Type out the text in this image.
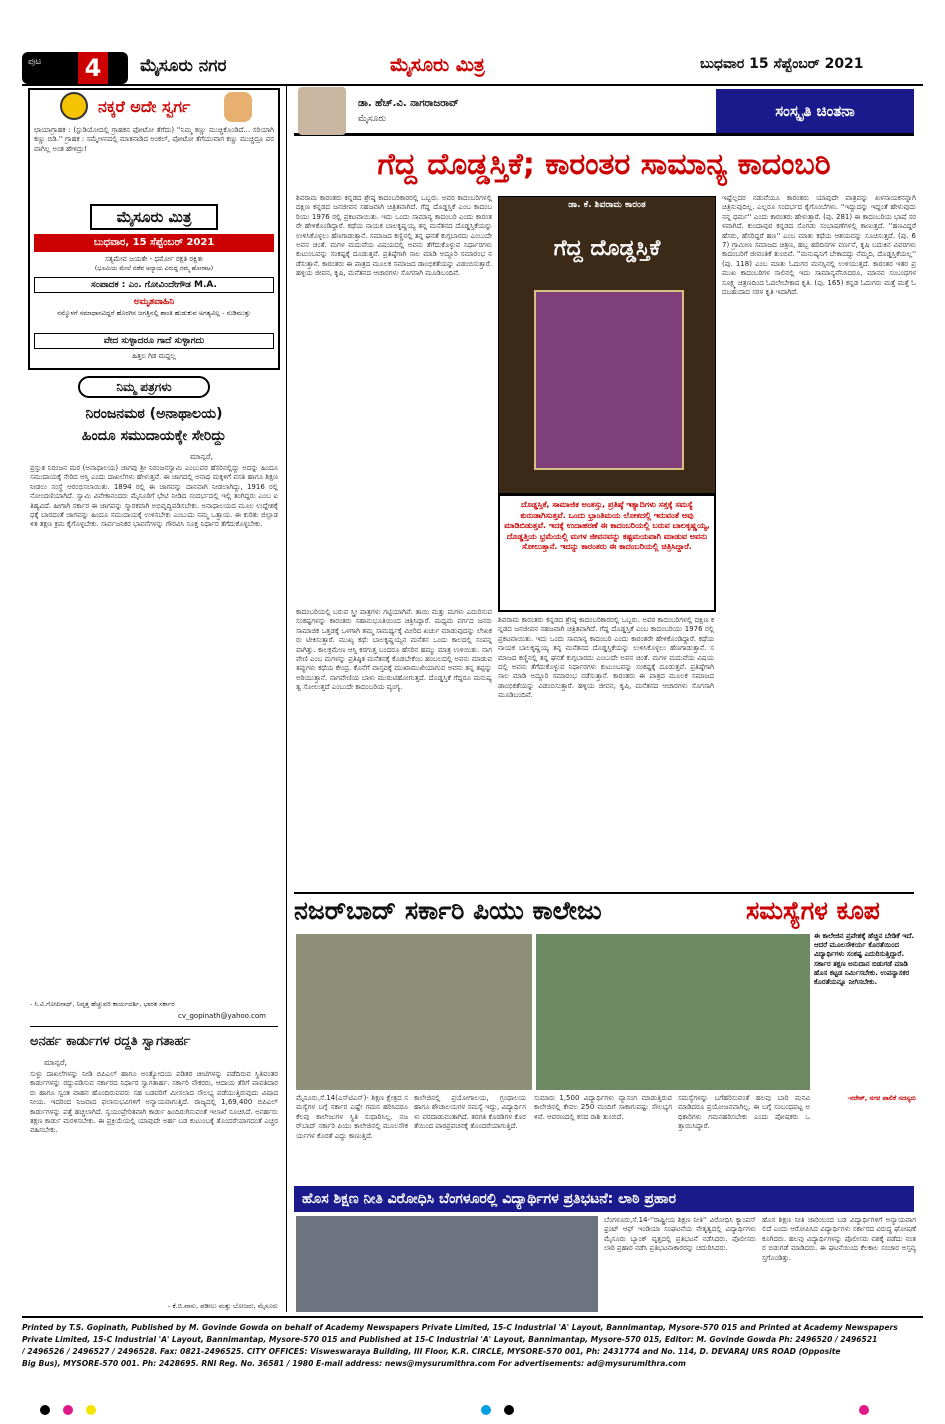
ಪುಟ 4	ಮೈಸೂರು ನಗರ	ಮೈಸೂರು ಮಿತ್ರ	ಬುಧವಾರ 15 ಸೆಪ್ಟೆಂಬರ್ 2021
ನಕ್ಕರೆ ಅದೇ ಸ್ವರ್ಗ
ಛಾಯಾಗ್ರಾಹಕ : (ಸ್ಟುಡಿಯೋದಲ್ಲಿ ಗ್ರಾಹಕನ ಫೋಟೋ ತೆಗೆದು) ''ನಿಮ್ಮ ಕಣ್ಣು ಮುಚ್ಚಿಕೊಂಡಿದೆ... ಸರಿಯಾಗಿ ಕಣ್ಣು ಬಿಡಿ.'' ಗ್ರಾಹಕ : ಸಮ್ಮೇಳನದಲ್ಲಿ ಮಾತನಾಡಿದ ಅಂಕಲ್, ಪೋಟೋ ತೆಗೆಯುವಾಗ ಕಣ್ಣು ಮುಚ್ಚಿದ್ರೂ ಪರವಾಗಿಲ್ಲ ಅಂತ ಹೇಳಿದ್ರು!
ಮೈಸೂರು ಮಿತ್ರ
ಬುಧವಾರ, 15 ಸೆಪ್ಟೆಂಬರ್ 2021
ಸತ್ಯಮೇವ ಜಯತೇ - ಧರ್ಮೋ ರಕ್ಷತಿ ರಕ್ಷಿತಃ
(ಭೂಮಿಯ ಮೇಲೆ ನಡೆವ ಅನ್ಯಾಯ ವಿರುದ್ಧ ನಮ್ಮ ಹೋರಾಟ)
ಸಂಪಾದಕ : ಎಂ. ಗೋವಿಂದೇಗೌಡ M.A.
ಅಮೃತವಾಹಿನಿ
ನಮ್ಮೊಳಗೆ ಸಮಾಧಾನವಿದ್ದರೆ ಹೊರಗಿನ ಜಗತ್ತಿನಲ್ಲಿ ಶಾಂತಿ ಹುಡುಕುವ ಅಗತ್ಯವಿಲ್ಲ - ನುಡಿಮುತ್ತು
ವೇದ ಸುಳ್ಳಾದರೂ ಗಾದೆ ಸುಳ್ಳಾಗದು
ಹಿತ್ತಲ ಗಿಡ ಮದ್ದಲ್ಲ
ನಿಮ್ಮ ಪತ್ರಗಳು
ನಿರಂಜನಮಠ (ಅನಾಥಾಲಯ)
ಹಿಂದೂ ಸಮುದಾಯಕ್ಕೇ ಸೇರಿದ್ದು
ಮಾನ್ಯರೆ,
ಪ್ರಸ್ತುತ ನಿರಂಜನ ಮಠ (ಅನಾಥಾಲಯ) ಜಾಗವು ಶ್ರೀ ನಿರಂಜನಸ್ವಾಮಿ ಎಂಬುವರ ಹೆಸರಿನಲ್ಲಿದ್ದು ಅದನ್ನು ಹಿಂದೂ ಸಮುದಾಯಕ್ಕೆ ಸೇರಿದ ಆಸ್ತಿ ಎಂದು ದಾಖಲೆಗಳು ಹೇಳುತ್ತವೆ. ಈ ಜಾಗದಲ್ಲಿ ಅನಾಥ ಮಕ್ಕಳಿಗೆ ವಸತಿ ಹಾಗೂ ಶಿಕ್ಷಣ ನೀಡಲು ಸಂಸ್ಥೆ ಆರಂಭಿಸಲಾಯಿತು. 1894 ರಲ್ಲಿ ಈ ಜಾಗವನ್ನು ದಾನವಾಗಿ ನೀಡಲಾಗಿದ್ದು, 1916 ರಲ್ಲಿ ನೋಂದಣಿಯಾಗಿದೆ. ಸ್ವಾಮಿ ವಿವೇಕಾನಂದರು ಮೈಸೂರಿಗೆ ಭೇಟಿ ನೀಡಿದ ಸಂದರ್ಭದಲ್ಲಿ ಇಲ್ಲಿ ತಂಗಿದ್ದರು ಎಂಬ ಐತಿಹ್ಯವಿದೆ. ಹೀಗಾಗಿ ಸರ್ಕಾರ ಈ ಜಾಗವನ್ನು ಸ್ಮಾರಕವಾಗಿ ಅಭಿವೃದ್ಧಿಪಡಿಸಬೇಕು. ಅನಾಥಾಲಯದ ಮೂಲ ಉದ್ದೇಶಕ್ಕೆ ಧಕ್ಕೆ ಬಾರದಂತೆ ಜಾಗವನ್ನು ಹಿಂದೂ ಸಮುದಾಯಕ್ಕೆ ಉಳಿಸಬೇಕು ಎಂಬುದು ನಮ್ಮ ಒತ್ತಾಯ. ಈ ಕುರಿತು ಜಿಲ್ಲಾಡಳಿತ ತಕ್ಷಣ ಕ್ರಮ ಕೈಗೊಳ್ಳಬೇಕು. ಸಾರ್ವಜನಿಕರ ಭಾವನೆಗಳನ್ನು ಗೌರವಿಸಿ ಸೂಕ್ತ ನಿರ್ಧಾರ ತೆಗೆದುಕೊಳ್ಳಬೇಕು.
- ಸಿ.ವಿ.ಗೋಪಿನಾಥ್, ನಿವೃತ್ತ ಹೆಚ್ಚುವರಿ ಕಾರ್ಯದರ್ಶಿ, ಭಾರತ ಸರ್ಕಾರ
cv_gopinath@yahoo.com
ಅನರ್ಹ ಕಾರ್ಡುಗಳ ರದ್ದತಿ ಸ್ವಾಗತಾರ್ಹ
ಮಾನ್ಯರೆ,
ಸುಳ್ಳು ದಾಖಲೆಗಳನ್ನು ನೀಡಿ ಬಿಪಿಎಲ್ ಹಾಗೂ ಅಂತ್ಯೋದಯ ಪಡಿತರ ಚೀಟಿಗಳನ್ನು ಪಡೆದಿರುವ ಸ್ಥಿತಿವಂತರ ಕಾರ್ಡುಗಳನ್ನು ರದ್ದುಪಡಿಸುವ ಸರ್ಕಾರದ ನಿರ್ಧಾರ ಸ್ವಾಗತಾರ್ಹ. ಸರ್ಕಾರಿ ನೌಕರರು, ಆದಾಯ ತೆರಿಗೆ ಪಾವತಿದಾರರು ಹಾಗೂ ಸ್ವಂತ ವಾಹನ ಹೊಂದಿರುವವರು ಸಹ ಬಡವರಿಗೆ ಮೀಸಲಾದ ಸೌಲಭ್ಯ ಪಡೆಯುತ್ತಿರುವುದು ವಿಷಾದನೀಯ. ಇದರಿಂದ ನಿಜವಾದ ಫಲಾನುಭವಿಗಳಿಗೆ ಅನ್ಯಾಯವಾಗುತ್ತಿದೆ. ರಾಜ್ಯದಲ್ಲಿ 1,69,400 ಬಿಪಿಎಲ್ ಕಾರ್ಡುಗಳನ್ನು ಪತ್ತೆ ಹಚ್ಚಲಾಗಿದೆ. ಸ್ವಯಂಪ್ರೇರಿತವಾಗಿ ಕಾರ್ಡು ಹಿಂದಿರುಗಿಸುವಂತೆ ಇಲಾಖೆ ಸೂಚಿಸಿದೆ. ಅನರ್ಹರು ತಕ್ಷಣ ಕಾರ್ಡು ಮರಳಿಸಬೇಕು. ಈ ಪ್ರಕ್ರಿಯೆಯಲ್ಲಿ ಯಾವುದೇ ಅರ್ಹ ಬಡ ಕುಟುಂಬಕ್ಕೆ ತೊಂದರೆಯಾಗದಂತೆ ಎಚ್ಚರ ವಹಿಸಬೇಕು.
- ಕೆ.ಬಿ.ವಾಸು, ಪಡೀಲು ಮತ್ತು ಬೋಜರು, ಮೈಸೂರು
ಡಾ. ಹೆಚ್.ವಿ. ನಾಗರಾಜರಾವ್
ಮೈಸೂರು	ಸಂಸ್ಕೃತಿ ಚಿಂತನಾ
ಗೆದ್ದ ದೊಡ್ಡಸ್ತಿಕೆ; ಕಾರಂತರ ಸಾಮಾನ್ಯ ಕಾದಂಬರಿ
ಶಿವರಾಮ ಕಾರಂತರು ಕನ್ನಡದ ಶ್ರೇಷ್ಠ ಕಾದಂಬರಿಕಾರರಲ್ಲಿ ಒಬ್ಬರು. ಅವರ ಕಾದಂಬರಿಗಳಲ್ಲಿ ದಕ್ಷಿಣ ಕನ್ನಡದ ಜನಜೀವನ ಸಹಜವಾಗಿ ಚಿತ್ರಿತವಾಗಿದೆ. ಗೆದ್ದ ದೊಡ್ಡಸ್ತಿಕೆ ಎಂಬ ಕಾದಂಬರಿಯು 1976 ರಲ್ಲಿ ಪ್ರಕಟವಾಯಿತು. ಇದು ಒಂದು ಸಾಮಾನ್ಯ ಕಾದಂಬರಿ ಎಂದು ಕಾರಂತರೇ ಹೇಳಿಕೊಂಡಿದ್ದಾರೆ. ಕಥೆಯ ನಾಯಕ ಬಾಲಕೃಷ್ಣಯ್ಯ ತನ್ನ ಮನೆತನದ ದೊಡ್ಡಸ್ತಿಕೆಯನ್ನು ಉಳಿಸಿಕೊಳ್ಳಲು ಹೆಣಗಾಡುತ್ತಾನೆ. ಸಮಾಜದ ಕಣ್ಣಿನಲ್ಲಿ ತನ್ನ ಘನತೆ ಕುಗ್ಗಬಾರದು ಎಂಬುದೇ ಅವನ ಚಿಂತೆ. ಮಗಳ ಮದುವೆಯ ವಿಷಯದಲ್ಲಿ ಅವನು ತೆಗೆದುಕೊಳ್ಳುವ ನಿರ್ಧಾರಗಳು ಕುಟುಂಬವನ್ನು ಸಂಕಷ್ಟಕ್ಕೆ ದೂಡುತ್ತವೆ. ಪ್ರತಿಷ್ಠೆಗಾಗಿ ಸಾಲ ಮಾಡಿ ಅದ್ದೂರಿ ಸಮಾರಂಭ ನಡೆಸುತ್ತಾನೆ. ಕಾರಂತರು ಈ ಪಾತ್ರದ ಮೂಲಕ ಸಮಾಜದ ಡಾಂಭಿಕತೆಯನ್ನು ವಿಡಂಬಿಸುತ್ತಾರೆ. ಹಳ್ಳಿಯ ಜೀವನ, ಕೃಷಿ, ಮನೆತನದ ಆಚಾರಗಳು ಸೊಗಸಾಗಿ ಮೂಡಿಬಂದಿವೆ.
ಡಾ. ಕೆ. ಶಿವರಾಮ ಕಾರಂತ
ಗೆದ್ದ ದೊಡ್ಡಸ್ತಿಕೆ
ದೊಡ್ಡಸ್ತಿಕೆ, ಸಾಮಾಜಿಕ ಅಂತಸ್ತು, ಪ್ರತಿಷ್ಠೆ ಇತ್ಯಾದಿಗಳು ಸತ್ತಕ್ಕೆ ಸಮಸ್ಯೆ ಕುರುಡಾಗಿಸುತ್ತವೆ. ಒಂದು ಭ್ರಾಂತಿಮಯ ಲೋಕದಲ್ಲಿ ಇರುವಂತೆ ಅವು ಮಾಡಿಬಿಡುತ್ತವೆ. ಇದಕ್ಕೆ ಉದಾಹರಣೆ ಈ ಕಾದಂಬರಿಯಲ್ಲಿ ಬರುವ ಬಾಲಕೃಷ್ಣಯ್ಯ, ದೊಡ್ಡತ್ತಿಯ ಭ್ರಮೆಯಲ್ಲಿ ಮಗಳ ಜೀವನವನ್ನು ಕಷ್ಟಮಯವಾಗಿ ಮಾಡುವ ಅವನು ಸೋಲುತ್ತಾನೆ. ಇದನ್ನು ಕಾರಂತರು ಈ ಕಾದಂಬರಿಯಲ್ಲಿ ಚಿತ್ರಿಸಿದ್ದಾರೆ.
ಕಾದಂಬರಿಯಲ್ಲಿ ಬರುವ ಸ್ತ್ರೀ ಪಾತ್ರಗಳು ಗಟ್ಟಿಯಾಗಿವೆ. ತಾಯಿ ಮತ್ತು ಮಗಳು ಎದುರಿಸುವ ಸಂಕಷ್ಟಗಳನ್ನು ಕಾರಂತರು ಸಹಾನುಭೂತಿಯಿಂದ ಚಿತ್ರಿಸಿದ್ದಾರೆ. ಮಧ್ಯಮ ವರ್ಗದ ಜನರು ಸಾಮಾಜಿಕ ಒತ್ತಡಕ್ಕೆ ಒಳಗಾಗಿ ತಮ್ಮ ಸಾಮರ್ಥ್ಯಕ್ಕೆ ಮೀರಿದ ಖರ್ಚು ಮಾಡುವುದನ್ನು ಲೇಖಕರು ಟೀಕಿಸುತ್ತಾರೆ. ಮುಖ್ಯ ಕಥೆ: ಬಾಲಕೃಷ್ಣಯ್ಯನ ಮನೆತನ ಒಂದು ಕಾಲದಲ್ಲಿ ಸಂಪನ್ನವಾಗಿತ್ತು. ಕಾಲಕ್ರಮೇಣ ಆಸ್ತಿ ಕರಗುತ್ತ ಬಂದರೂ ಹೆಸರಿನ ಹಮ್ಮು ಮಾತ್ರ ಉಳಿಯಿತು. ನಾಗವೇಣಿ ಎಂಬ ಮಗಳನ್ನು ಪ್ರತಿಷ್ಠಿತ ಮನೆತನಕ್ಕೆ ಕೊಡಬೇಕೆಂಬ ಹಂಬಲದಲ್ಲಿ ಅವನು ಮಾಡುವ ತಪ್ಪುಗಳು ಕಥೆಯ ಕೇಂದ್ರ. ಕೊನೆಗೆ ವಾಸ್ತವಕ್ಕೆ ಮುಖಾಮುಖಿಯಾಗುವ ಅವನು ತನ್ನ ತಪ್ಪನ್ನು ಅರಿಯುತ್ತಾನೆ. ನಾಗವೇಣಿಯ ಬಾಳು ಮುರುಟಿಹೋಗುತ್ತದೆ. ದೊಡ್ಡಸ್ತಿಕೆ ಗೆದ್ದರೂ ಮನುಷ್ಯತ್ವ ಸೋಲುತ್ತದೆ ಎಂಬುದೇ ಕಾದಂಬರಿಯ ವ್ಯಂಗ್ಯ.
ಶಿವರಾಮ ಕಾರಂತರು ಕನ್ನಡದ ಶ್ರೇಷ್ಠ ಕಾದಂಬರಿಕಾರರಲ್ಲಿ ಒಬ್ಬರು. ಅವರ ಕಾದಂಬರಿಗಳಲ್ಲಿ ದಕ್ಷಿಣ ಕನ್ನಡದ ಜನಜೀವನ ಸಹಜವಾಗಿ ಚಿತ್ರಿತವಾಗಿದೆ. ಗೆದ್ದ ದೊಡ್ಡಸ್ತಿಕೆ ಎಂಬ ಕಾದಂಬರಿಯು 1976 ರಲ್ಲಿ ಪ್ರಕಟವಾಯಿತು. ಇದು ಒಂದು ಸಾಮಾನ್ಯ ಕಾದಂಬರಿ ಎಂದು ಕಾರಂತರೇ ಹೇಳಿಕೊಂಡಿದ್ದಾರೆ. ಕಥೆಯ ನಾಯಕ ಬಾಲಕೃಷ್ಣಯ್ಯ ತನ್ನ ಮನೆತನದ ದೊಡ್ಡಸ್ತಿಕೆಯನ್ನು ಉಳಿಸಿಕೊಳ್ಳಲು ಹೆಣಗಾಡುತ್ತಾನೆ. ಸಮಾಜದ ಕಣ್ಣಿನಲ್ಲಿ ತನ್ನ ಘನತೆ ಕುಗ್ಗಬಾರದು ಎಂಬುದೇ ಅವನ ಚಿಂತೆ. ಮಗಳ ಮದುವೆಯ ವಿಷಯದಲ್ಲಿ ಅವನು ತೆಗೆದುಕೊಳ್ಳುವ ನಿರ್ಧಾರಗಳು ಕುಟುಂಬವನ್ನು ಸಂಕಷ್ಟಕ್ಕೆ ದೂಡುತ್ತವೆ. ಪ್ರತಿಷ್ಠೆಗಾಗಿ ಸಾಲ ಮಾಡಿ ಅದ್ದೂರಿ ಸಮಾರಂಭ ನಡೆಸುತ್ತಾನೆ. ಕಾರಂತರು ಈ ಪಾತ್ರದ ಮೂಲಕ ಸಮಾಜದ ಡಾಂಭಿಕತೆಯನ್ನು ವಿಡಂಬಿಸುತ್ತಾರೆ. ಹಳ್ಳಿಯ ಜೀವನ, ಕೃಷಿ, ಮನೆತನದ ಆಚಾರಗಳು ಸೊಗಸಾಗಿ ಮೂಡಿಬಂದಿವೆ.
ಇಷ್ಟೆಲ್ಲದರ ನಡುವೆಯೂ ಕಾರಂತರು ಯಾವುದೇ ಪಾತ್ರವನ್ನು ಖಳನಾಯಕನನ್ನಾಗಿ ಚಿತ್ರಿಸುವುದಿಲ್ಲ. ಎಲ್ಲರೂ ಸಂದರ್ಭದ ಕೈಗೊಂಬೆಗಳು. ''ಇದ್ದುದನ್ನು ಇದ್ದಂತೆ ಹೇಳುವುದು ನನ್ನ ಧರ್ಮ'' ಎಂದು ಕಾರಂತರು ಹೇಳುತ್ತಾರೆ. (ಪು. 281) ಈ ಕಾದಂಬರಿಯ ಭಾಷೆ ಸರಳವಾಗಿದೆ. ಕುಂದಾಪುರ ಕನ್ನಡದ ಸೊಗಡು ಸಂಭಾಷಣೆಗಳಲ್ಲಿ ಕಾಣುತ್ತದೆ. ''ಹಣವಿದ್ದರೆ ಹೆಸರು, ಹೆಸರಿದ್ದರೆ ಹಣ'' ಎಂಬ ಮಾತು ಕಥೆಯ ಆಶಯವನ್ನು ಸೂಚಿಸುತ್ತದೆ. (ಪು. 67) ಗ್ರಾಮೀಣ ಸಮಾಜದ ಚಿತ್ರಣ, ಹಬ್ಬ ಹರಿದಿನಗಳ ವರ್ಣನೆ, ಕೃಷಿ ಬದುಕಿನ ವಿವರಗಳು ಕಾದಂಬರಿಗೆ ಜೀವಂತಿಕೆ ತುಂಬಿವೆ. ''ಮನುಷ್ಯನಿಗೆ ಬೇಕಾದದ್ದು ನೆಮ್ಮದಿ, ದೊಡ್ಡಸ್ತಿಕೆಯಲ್ಲ'' (ಪು. 118) ಎಂಬ ಮಾತು ಓದುಗರ ಮನಸ್ಸಿನಲ್ಲಿ ಉಳಿಯುತ್ತದೆ. ಕಾರಂತರ ಇತರ ಪ್ರಮುಖ ಕಾದಂಬರಿಗಳ ಸಾಲಿನಲ್ಲಿ ಇದು ಸಾಮಾನ್ಯವೆನಿಸಿದರೂ, ಮಾನವ ಸಂಬಂಧಗಳ ಸೂಕ್ಷ್ಮ ಚಿತ್ರಣದಿಂದ ಓದಲೇಬೇಕಾದ ಕೃತಿ. (ಪು. 165) ಕನ್ನಡ ಓದುಗರು ಮತ್ತೆ ಮತ್ತೆ ಓದಬಹುದಾದ ಸರಳ ಕೃತಿ ಇದಾಗಿದೆ.
ನಜರ್‌ಬಾದ್ ಸರ್ಕಾರಿ ಪಿಯು ಕಾಲೇಜು	ಸಮಸ್ಯೆಗಳ ಕೂಪ
ಈ ಕಾಲೇಜಿನ ಪ್ರವೇಶಕ್ಕೆ ಹೆಚ್ಚಿನ ಬೇಡಿಕೆ ಇದೆ. ಆದರೆ ಮೂಲಸೌಕರ್ಯ ಕೊರತೆಯಿಂದ ವಿದ್ಯಾರ್ಥಿಗಳು ಸಂಕಷ್ಟ ಎದುರಿಸುತ್ತಿದ್ದಾರೆ. ಸರ್ಕಾರ ತಕ್ಷಣ ಅನುದಾನ ಬಿಡುಗಡೆ ಮಾಡಿ ಹೊಸ ಕಟ್ಟಡ ನಿರ್ಮಿಸಬೇಕು. ಉಪನ್ಯಾಸಕರ ಕೊರತೆಯನ್ನೂ ನೀಗಿಸಬೇಕು.
-ನರೇಶ್, ನಗರ ಪಾಲಿಕೆ ಸದಸ್ಯರು
ಮೈಸೂರು,ಸೆ.14(ಎಸ್‌ಟಿಎನ್)- ಶಿಕ್ಷಣ ಕ್ಷೇತ್ರದ ಸಮಸ್ಯೆಗಳ ಬಗ್ಗೆ ಸರ್ಕಾರ ಎಷ್ಟೇ ಗಮನ ಹರಿಸಿದರೂ ಕೆಲವು ಕಾಲೇಜುಗಳ ಸ್ಥಿತಿ ಸುಧಾರಿಸಿಲ್ಲ. ನಜರ್‌ಬಾದ್ ಸರ್ಕಾರಿ ಪಿಯು ಕಾಲೇಜಿನಲ್ಲಿ ಮೂಲಸೌಕರ್ಯಗಳ ಕೊರತೆ ಎದ್ದು ಕಾಣುತ್ತಿದೆ.
ಕಾಲೇಜಿನಲ್ಲಿ ಪ್ರಯೋಗಾಲಯ, ಗ್ರಂಥಾಲಯ ಹಾಗೂ ಶೌಚಾಲಯಗಳ ಸಮಸ್ಯೆ ಇದ್ದು, ವಿದ್ಯಾರ್ಥಿಗಳು ಪರದಾಡುವಂತಾಗಿದೆ. ತರಗತಿ ಕೊಠಡಿಗಳ ಕೊರತೆಯಿಂದ ಪಾಠಪ್ರವಚನಕ್ಕೆ ತೊಂದರೆಯಾಗುತ್ತಿದೆ.
ಸುಮಾರು 1,500 ವಿದ್ಯಾರ್ಥಿಗಳು ವ್ಯಾಸಂಗ ಮಾಡುತ್ತಿರುವ ಕಾಲೇಜಿನಲ್ಲಿ ಕೇವಲ 250 ಮಂದಿಗೆ ಸಾಕಾಗುವಷ್ಟು ಸೌಲಭ್ಯಗಳಿವೆ. ಆವರಣದಲ್ಲಿ ಕಸದ ರಾಶಿ ತುಂಬಿದೆ.
ಸಮಸ್ಯೆಗಳನ್ನು ಬಗೆಹರಿಸುವಂತೆ ಹಲವು ಬಾರಿ ಮನವಿ ಮಾಡಿದರೂ ಪ್ರಯೋಜನವಾಗಿಲ್ಲ. ಈ ಬಗ್ಗೆ ಸಂಬಂಧಪಟ್ಟ ಅಧಿಕಾರಿಗಳು ಗಮನಹರಿಸಬೇಕು ಎಂದು ಪೋಷಕರು ಒತ್ತಾಯಿಸಿದ್ದಾರೆ.
ಹೊಸ ಶಿಕ್ಷಣ ನೀತಿ ವಿರೋಧಿಸಿ ಬೆಂಗಳೂರಲ್ಲಿ ವಿದ್ಯಾರ್ಥಿಗಳ ಪ್ರತಿಭಟನೆ: ಲಾಠಿ ಪ್ರಹಾರ
ಬೆಂಗಳೂರು,ಸೆ.14-''ರಾಷ್ಟ್ರೀಯ ಶಿಕ್ಷಣ ನೀತಿ'' ವಿರೋಧಿಸಿ ಕ್ಯಾಂಪಸ್ ಫ್ರಂಟ್ ಆಫ್ ಇಂಡಿಯಾ ಸಂಘಟನೆಯ ನೇತೃತ್ವದಲ್ಲಿ ವಿದ್ಯಾರ್ಥಿಗಳು ಮೈಸೂರು ಬ್ಯಾಂಕ್ ವೃತ್ತದಲ್ಲಿ ಪ್ರತಿಭಟನೆ ನಡೆಸಿದರು. ಪೊಲೀಸರು ಲಾಠಿ ಪ್ರಹಾರ ನಡೆಸಿ ಪ್ರತಿಭಟನಾಕಾರರನ್ನು ಚದುರಿಸಿದರು.
ಹೊಸ ಶಿಕ್ಷಣ ನೀತಿ ಜಾರಿಯಿಂದ ಬಡ ವಿದ್ಯಾರ್ಥಿಗಳಿಗೆ ಅನ್ಯಾಯವಾಗಲಿದೆ ಎಂದು ಆರೋಪಿಸಿದ ವಿದ್ಯಾರ್ಥಿಗಳು ಸರ್ಕಾರದ ವಿರುದ್ಧ ಘೋಷಣೆ ಕೂಗಿದರು. ಹಲವು ವಿದ್ಯಾರ್ಥಿಗಳನ್ನು ಪೊಲೀಸರು ವಶಕ್ಕೆ ಪಡೆದು ನಂತರ ಬಿಡುಗಡೆ ಮಾಡಿದರು. ಈ ಘಟನೆಯಿಂದ ಕೆಲಕಾಲ ಸಂಚಾರ ಅಸ್ತವ್ಯಸ್ತಗೊಂಡಿತ್ತು.
Printed by T.S. Gopinath, Published by M. Govinde Gowda on behalf of Academy Newspapers Private Limited, 15-C Industrial 'A' Layout, Bannimantap, Mysore-570 015 and Printed at Academy Newspapers
Private Limited, 15-C Industrial 'A' Layout, Bannimantap, Mysore-570 015 and Published at 15-C Industrial 'A' Layout, Bannimantap, Mysore-570 015, Editor: M. Govinde Gowda Ph: 2496520 / 2496521
/ 2496526 / 2496527 / 2496528. Fax: 0821-2496525. CITY OFFICES: Visweswaraya Building, III Floor, K.R. CIRCLE, MYSORE-570 001, Ph: 2431774 and No. 114, D. DEVARAJ URS ROAD (Opposite
Big Bus), MYSORE-570 001. Ph: 2428695. RNI Reg. No. 36581 / 1980 E-mail address: news@mysurumithra.com For advertisements: ad@mysurumithra.com
